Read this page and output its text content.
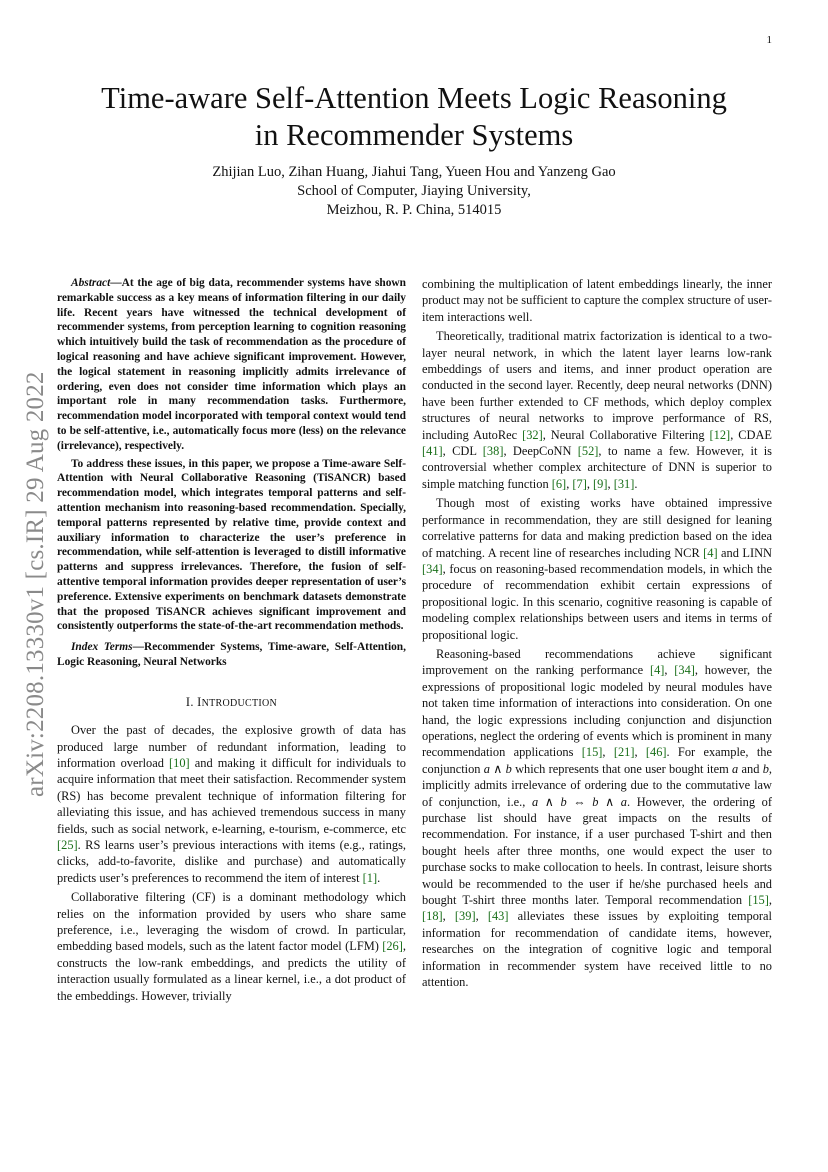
1
Time-aware Self-Attention Meets Logic Reasoning
in Recommender Systems
Zhijian Luo, Zihan Huang, Jiahui Tang, Yueen Hou and Yanzeng Gao
School of Computer, Jiaying University,
Meizhou, R. P. China, 514015
arXiv:2208.13330v1 [cs.IR] 29 Aug 2022

Abstract—At the age of big data, recommender systems have shown remarkable success as a key means of information filtering in our daily life. Recent years have witnessed the technical development of recommender systems, from perception learning to cognition reasoning which intuitively build the task of recommendation as the procedure of logical reasoning and have achieve significant improvement. However, the logical statement in reasoning implicitly admits irrelevance of ordering, even does not consider time information which plays an important role in many recommendation tasks. Furthermore, recommendation model incorporated with temporal context would tend to be self-attentive, i.e., automatically focus more (less) on the relevance (irrelevance), respectively.

To address these issues, in this paper, we propose a Time-aware Self-Attention with Neural Collaborative Reasoning (TiSANCR) based recommendation model, which integrates temporal patterns and self-attention mechanism into reasoning-based recommendation. Specially, temporal patterns represented by relative time, provide context and auxiliary information to characterize the user’s preference in recommendation, while self-attention is leveraged to distill informative patterns and suppress irrelevances. Therefore, the fusion of self-attentive temporal information provides deeper representation of user’s preference. Extensive experiments on benchmark datasets demonstrate that the proposed TiSANCR achieves significant improvement and consistently outperforms the state-of-the-art recommendation methods.

Index Terms—Recommender Systems, Time-aware, Self-Attention, Logic Reasoning, Neural Networks

I. INTRODUCTION

Over the past of decades, the explosive growth of data has produced large number of redundant information, leading to information overload [10] and making it difficult for individuals to acquire information that meet their satisfaction. Recommender system (RS) has become prevalent technique of information filtering for alleviating this issue, and has achieved tremendous success in many fields, such as social network, e-learning, e-tourism, e-commerce, etc [25]. RS learns user’s previous interactions with items (e.g., ratings, clicks, add-to-favorite, dislike and purchase) and automatically predicts user’s preferences to recommend the item of interest [1].

Collaborative filtering (CF) is a dominant methodology which relies on the information provided by users who share same preference, i.e., leveraging the wisdom of crowd. In particular, embedding based models, such as the latent factor model (LFM) [26], constructs the low-rank embeddings, and predicts the utility of interaction usually formulated as a linear kernel, i.e., a dot product of the embeddings. However, trivially

combining the multiplication of latent embeddings linearly, the inner product may not be sufficient to capture the complex structure of user-item interactions well.

Theoretically, traditional matrix factorization is identical to a two-layer neural network, in which the latent layer learns low-rank embeddings of users and items, and inner product operation are conducted in the second layer. Recently, deep neural networks (DNN) have been further extended to CF methods, which deploy complex structures of neural networks to improve performance of RS, including AutoRec [32], Neural Collaborative Filtering [12], CDAE [41], CDL [38], DeepCoNN [52], to name a few. However, it is controversial whether complex architecture of DNN is superior to simple matching function [6], [7], [9], [31].

Though most of existing works have obtained impressive performance in recommendation, they are still designed for leaning correlative patterns for data and making prediction based on the idea of matching. A recent line of researches including NCR [4] and LINN [34], focus on reasoning-based recommendation models, in which the procedure of recommendation exhibit certain expressions of propositional logic. In this scenario, cognitive reasoning is capable of modeling complex relationships between users and items in terms of propositional logic.

Reasoning-based recommendations achieve significant improvement on the ranking performance [4], [34], however, the expressions of propositional logic modeled by neural modules have not taken time information of interactions into consideration. On one hand, the logic expressions including conjunction and disjunction operations, neglect the ordering of events which is prominent in many recommendation applications [15], [21], [46]. For example, the conjunction a ∧ b which represents that one user bought item a and b, implicitly admits irrelevance of ordering due to the commutative law of conjunction, i.e., a ∧ b ⇔ b ∧ a. However, the ordering of purchase list should have great impacts on the results of recommendation. For instance, if a user purchased T-shirt and then bought heels after three months, one would expect the user to purchase socks to make collocation to heels. In contrast, leisure shorts would be recommended to the user if he/she purchased heels and bought T-shirt three months later. Temporal recommendation [15], [18], [39], [43] alleviates these issues by exploiting temporal information for recommendation of candidate items, however, researches on the integration of cognitive logic and temporal information in recommender system have received little to no attention.
